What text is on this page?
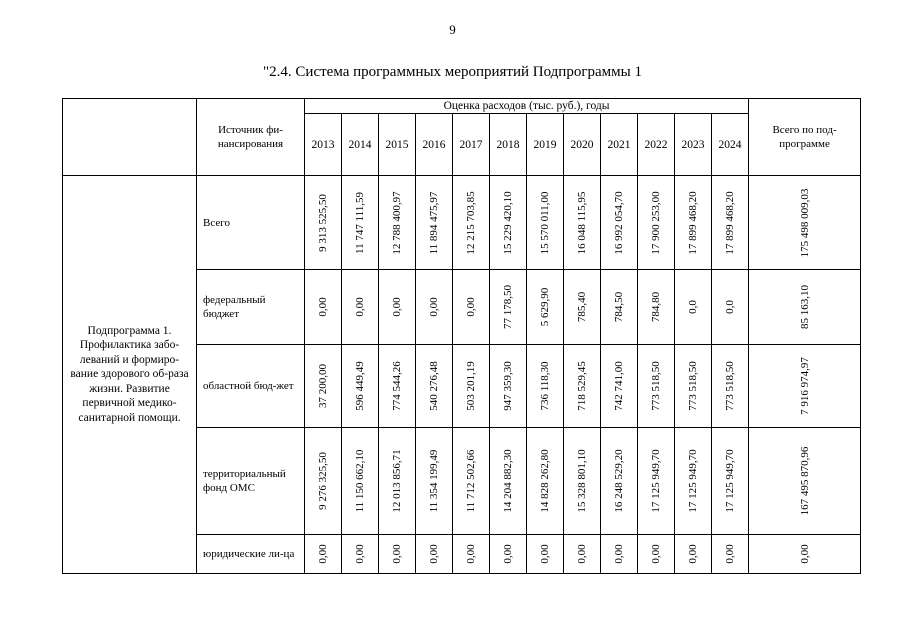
9
"2.4. Система программных мероприятий Подпрограммы 1
	Источник фи-нансирования	Оценка расходов (тыс. руб.), годы												Всего по под-программе
		2013	2014	2015	2016	2017	2018	2019	2020	2021	2022	2023	2024	
Подпрограмма 1. Профилактика забо-леваний и формиро-вание здорового об-раза жизни. Развитие первичной медико-санитарной помощи.	Всего	9 313 525,50	11 747 111,59	12 788 400,97	11 894 475,97	12 215 703,85	15 229 420,10	15 570 011,00	16 048 115,95	16 992 054,70	17 900 253,00	17 899 468,20	17 899 468,20	175 498 009,03

	федеральный бюджет	0,00	0,00	0,00	0,00	0,00	77 178,50	5 629,90	785,40	784,50	784,80	0,0	0,0	85 163,10

	областной бюд-жет	37 200,00	596 449,49	774 544,26	540 276,48	503 201,19	947 359,30	736 118,30	718 529,45	742 741,00	773 518,50	773 518,50	773 518,50	7 916 974,97

	территориальный фонд ОМС	9 276 325,50	11 150 662,10	12 013 856,71	11 354 199,49	11 712 502,66	14 204 882,30	14 828 262,80	15 328 801,10	16 248 529,20	17 125 949,70	17 125 949,70	17 125 949,70	167 495 870,96

	юридические ли-ца	0,00	0,00	0,00	0,00	0,00	0,00	0,00	0,00	0,00	0,00	0,00	0,00	0,00
